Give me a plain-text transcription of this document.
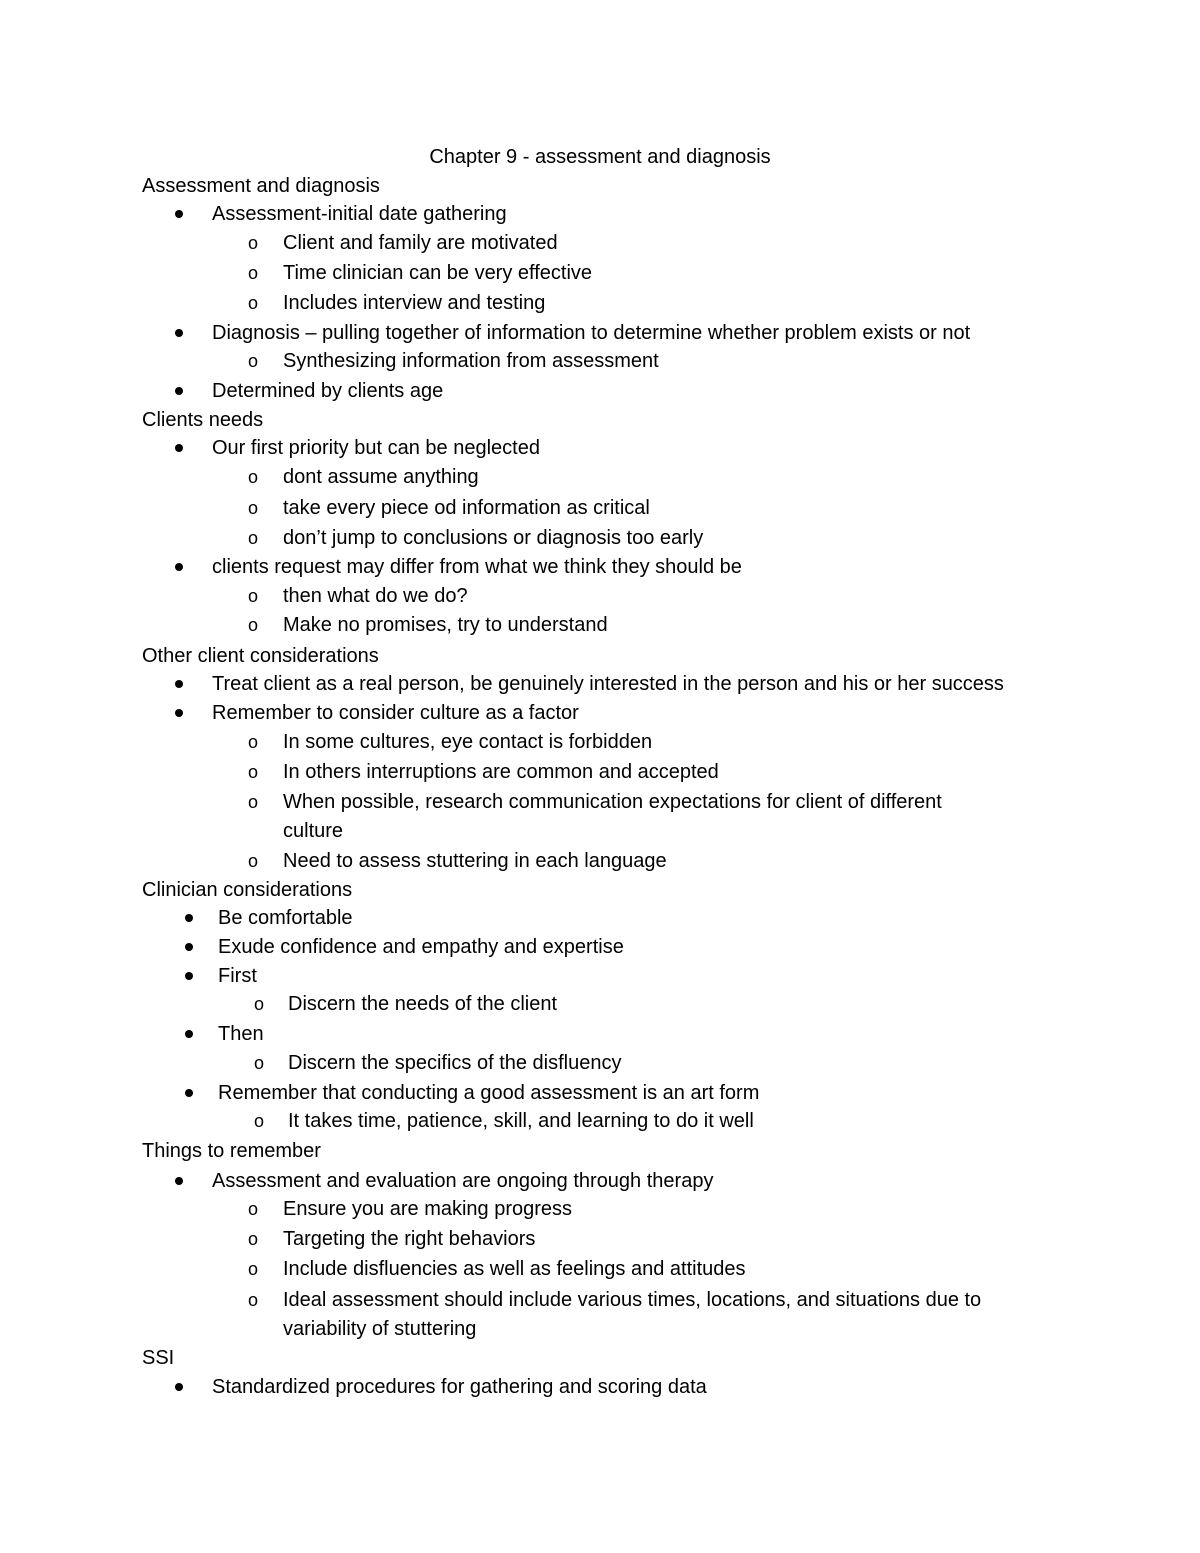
Chapter 9 - assessment and diagnosis
Assessment and diagnosis
Assessment-initial date gathering
o Client and family are motivated
o Time clinician can be very effective
o Includes interview and testing
Diagnosis – pulling together of information to determine whether problem exists or not
o Synthesizing information from assessment
Determined by clients age
Clients needs
Our first priority but can be neglected
o dont assume anything
o take every piece od information as critical
o don’t jump to conclusions or diagnosis too early
clients request may differ from what we think they should be
o then what do we do?
o Make no promises, try to understand
Other client considerations
Treat client as a real person, be genuinely interested in the person and his or her success
Remember to consider culture as a factor
o In some cultures, eye contact is forbidden
o In others interruptions are common and accepted
o When possible, research communication expectations for client of different
culture
o Need to assess stuttering in each language
Clinician considerations
Be comfortable
Exude confidence and empathy and expertise
First
o Discern the needs of the client
Then
o Discern the specifics of the disfluency
Remember that conducting a good assessment is an art form
o It takes time, patience, skill, and learning to do it well
Things to remember
Assessment and evaluation are ongoing through therapy
o Ensure you are making progress
o Targeting the right behaviors
o Include disfluencies as well as feelings and attitudes
o Ideal assessment should include various times, locations, and situations due to
variability of stuttering
SSI
Standardized procedures for gathering and scoring data
